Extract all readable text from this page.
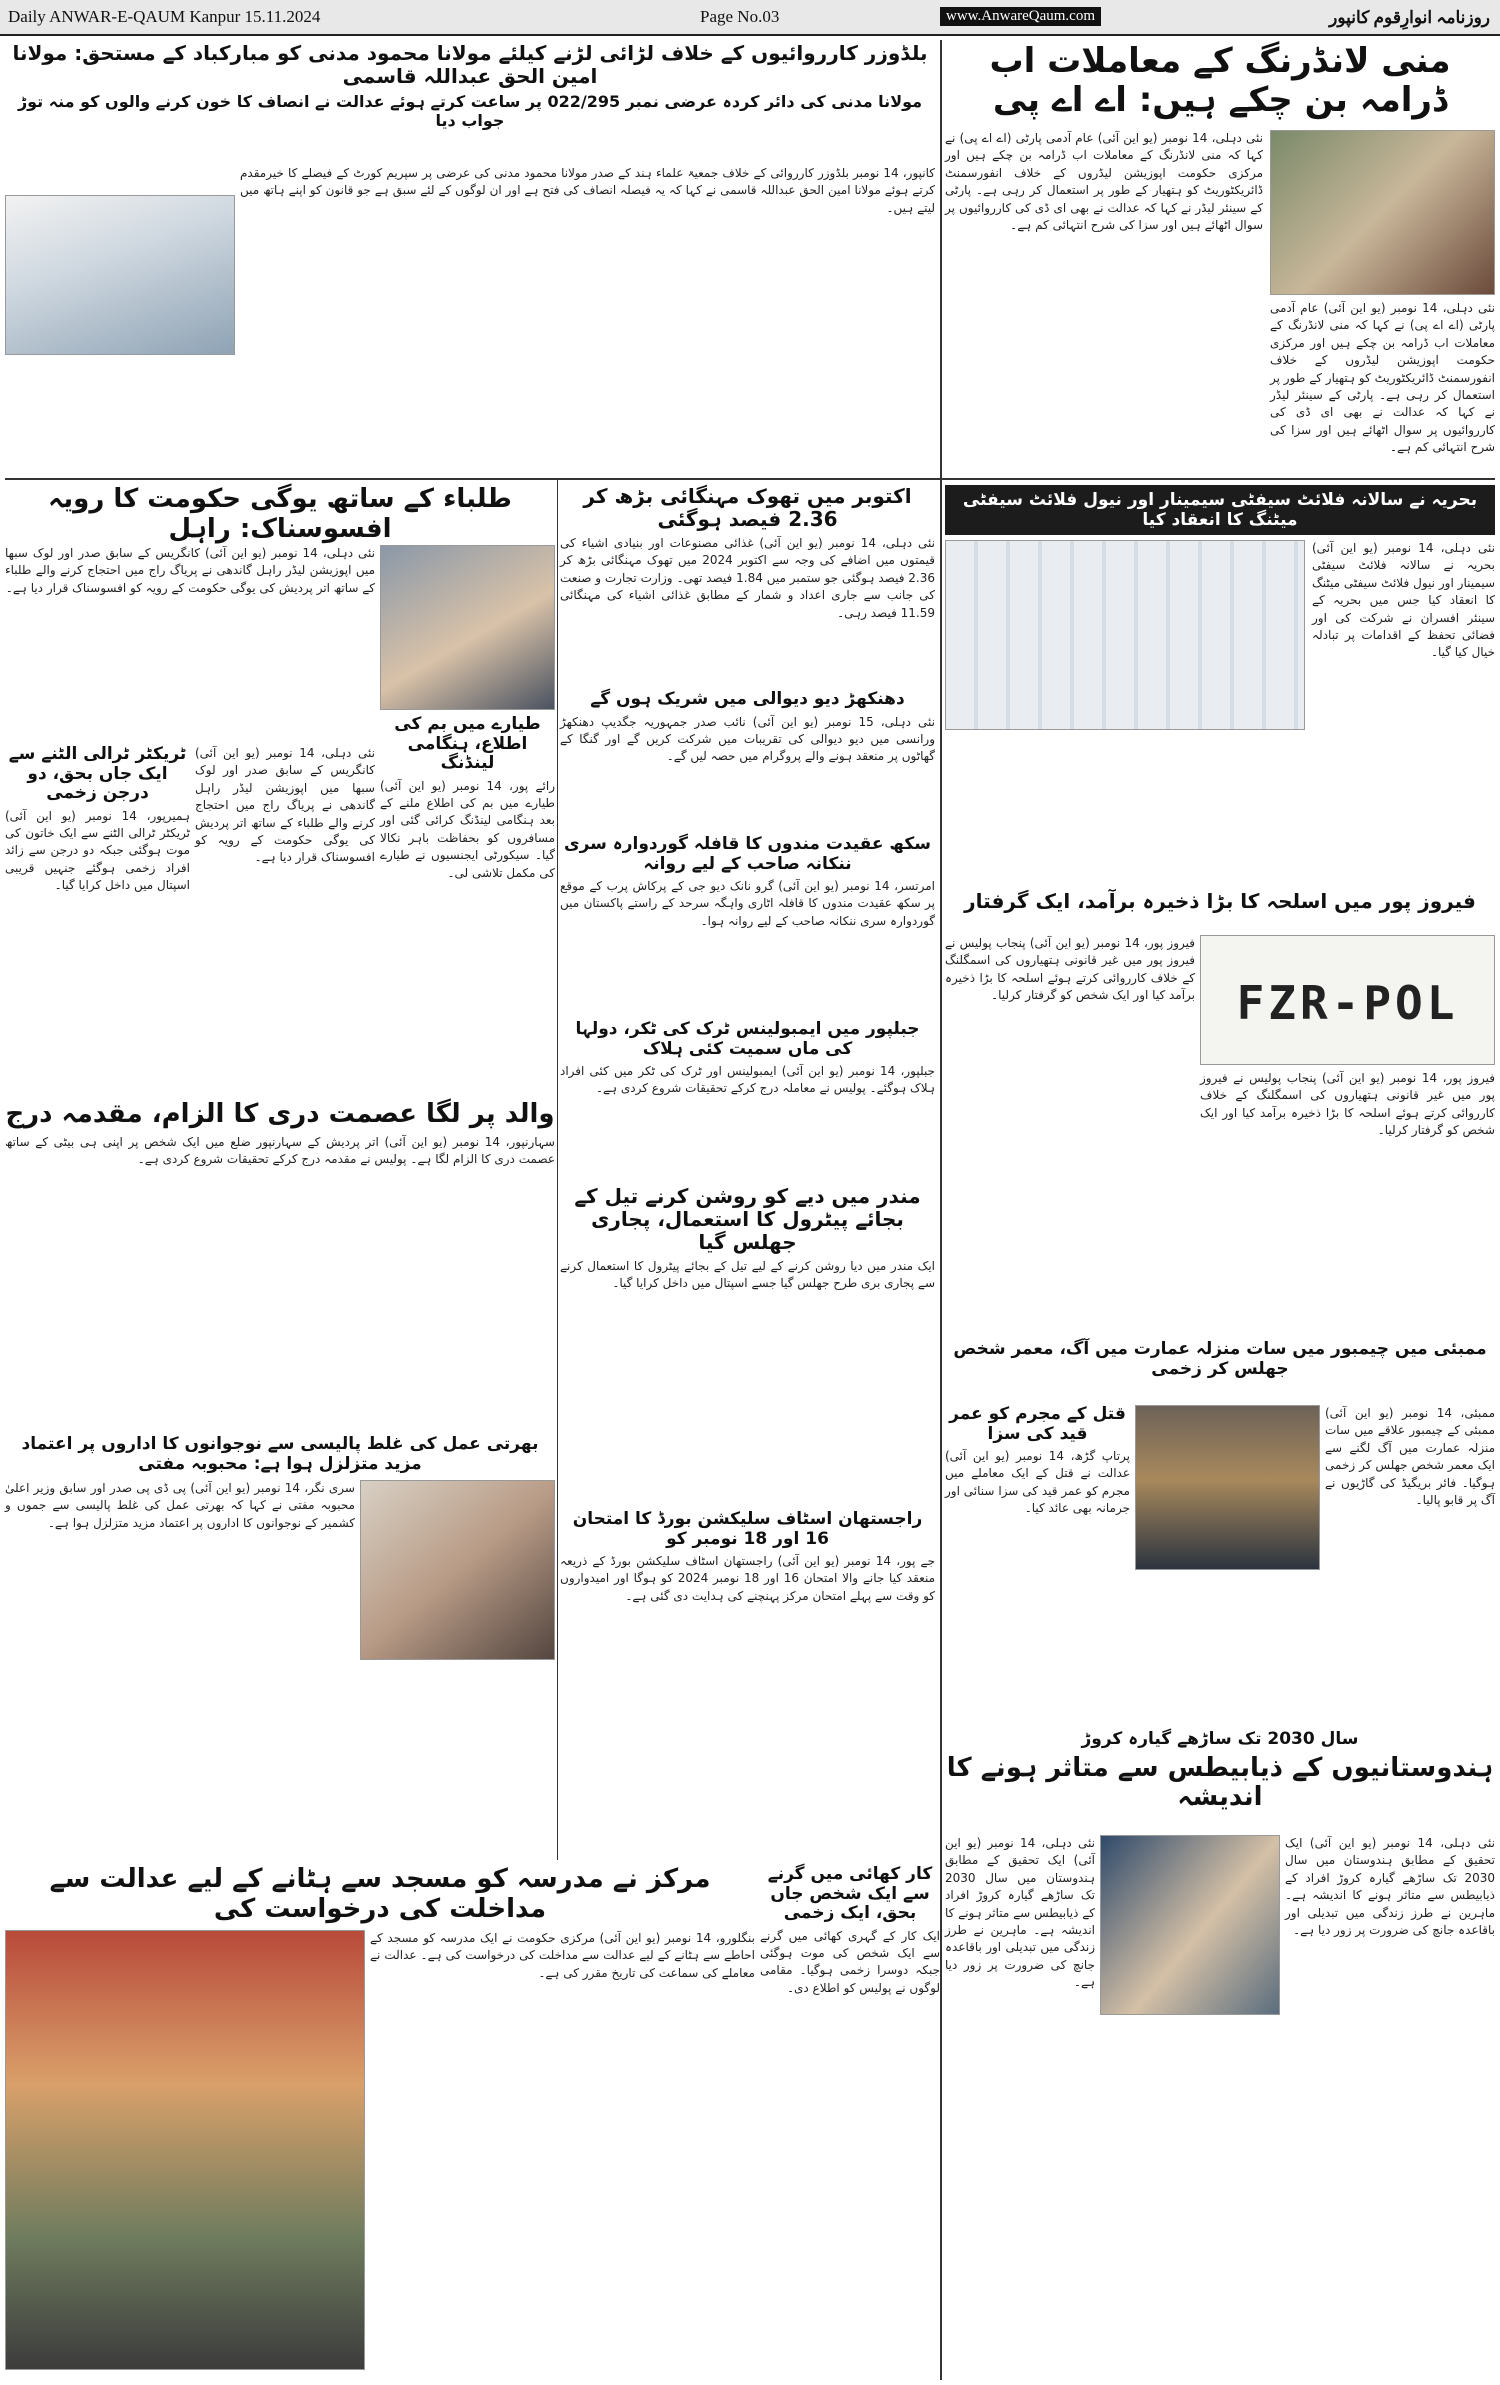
Daily ANWAR-E-QAUM Kanpur 15.11.2024	Page No.03	www.AnwareQaum.com	روزنامہ انوارِقوم کانپور
منی لانڈرنگ کے معاملات اب ڈرامہ بن چکے ہیں: اے اے پی

نئی دہلی، 14 نومبر (یو این آئی) عام آدمی پارٹی (اے اے پی) نے کہا کہ منی لانڈرنگ کے معاملات اب ڈرامہ بن چکے ہیں اور مرکزی حکومت اپوزیشن لیڈروں کے خلاف انفورسمنٹ ڈائریکٹوریٹ کو ہتھیار کے طور پر استعمال کر رہی ہے۔ پارٹی کے سینئر لیڈر نے کہا کہ عدالت نے بھی ای ڈی کی کارروائیوں پر سوال اٹھائے ہیں اور سزا کی شرح انتہائی کم ہے۔

نئی دہلی، 14 نومبر (یو این آئی) عام آدمی پارٹی (اے اے پی) نے کہا کہ منی لانڈرنگ کے معاملات اب ڈرامہ بن چکے ہیں اور مرکزی حکومت اپوزیشن لیڈروں کے خلاف انفورسمنٹ ڈائریکٹوریٹ کو ہتھیار کے طور پر استعمال کر رہی ہے۔ پارٹی کے سینئر لیڈر نے کہا کہ عدالت نے بھی ای ڈی کی کارروائیوں پر سوال اٹھائے ہیں اور سزا کی شرح انتہائی کم ہے۔

بلڈوزر کارروائیوں کے خلاف لڑائی لڑنے کیلئے مولانا محمود مدنی کو مبارکباد کے مستحق: مولانا امین الحق عبداللہ قاسمی
مولانا مدنی کی دائر کردہ عرضی نمبر 022/295 پر ساعت کرتے ہوئے عدالت نے انصاف کا خون کرنے والوں کو منہ توڑ جواب دیا

کانپور، 14 نومبر بلڈوزر کارروائی کے خلاف جمعیۃ علماء ہند کے صدر مولانا محمود مدنی کی عرضی پر سپریم کورٹ کے فیصلے کا خیرمقدم کرتے ہوئے مولانا امین الحق عبداللہ قاسمی نے کہا کہ یہ فیصلہ انصاف کی فتح ہے اور ان لوگوں کے لئے سبق ہے جو قانون کو اپنے ہاتھ میں لیتے ہیں۔

بحریہ نے سالانہ فلائٹ سیفٹی سیمینار اور نیول فلائٹ سیفٹی میٹنگ کا انعقاد کیا

نئی دہلی، 14 نومبر (یو این آئی) بحریہ نے سالانہ فلائٹ سیفٹی سیمینار اور نیول فلائٹ سیفٹی میٹنگ کا انعقاد کیا جس میں بحریہ کے سینئر افسران نے شرکت کی اور فضائی تحفظ کے اقدامات پر تبادلہ خیال کیا گیا۔

اکتوبر میں تھوک مہنگائی بڑھ کر 2.36 فیصد ہوگئی

نئی دہلی، 14 نومبر (یو این آئی) غذائی مصنوعات اور بنیادی اشیاء کی قیمتوں میں اضافے کی وجہ سے اکتوبر 2024 میں تھوک مہنگائی بڑھ کر 2.36 فیصد ہوگئی جو ستمبر میں 1.84 فیصد تھی۔ وزارت تجارت و صنعت کی جانب سے جاری اعداد و شمار کے مطابق غذائی اشیاء کی مہنگائی 11.59 فیصد رہی۔

طلباء کے ساتھ یوگی حکومت کا رویہ افسوسناک: راہل

نئی دہلی، 14 نومبر (یو این آئی) کانگریس کے سابق صدر اور لوک سبھا میں اپوزیشن لیڈر راہل گاندھی نے پریاگ راج میں احتجاج کرنے والے طلباء کے ساتھ اتر پردیش کی یوگی حکومت کے رویہ کو افسوسناک قرار دیا ہے۔

دھنکھڑ دیو دیوالی میں شریک ہوں گے

نئی دہلی، 15 نومبر (یو این آئی) نائب صدر جمہوریہ جگدیپ دھنکھڑ ورانسی میں دیو دیوالی کی تقریبات میں شرکت کریں گے اور گنگا کے گھاٹوں پر منعقد ہونے والے پروگرام میں حصہ لیں گے۔

ٹریکٹر ٹرالی الٹنے سے ایک جاں بحق، دو درجن زخمی

ہمیرپور، 14 نومبر (یو این آئی) ٹریکٹر ٹرالی الٹنے سے ایک خاتون کی موت ہوگئی جبکہ دو درجن سے زائد افراد زخمی ہوگئے جنہیں قریبی اسپتال میں داخل کرایا گیا۔

طیارے میں بم کی اطلاع، ہنگامی لینڈنگ

رائے پور، 14 نومبر (یو این آئی) طیارے میں بم کی اطلاع ملنے کے بعد ہنگامی لینڈنگ کرائی گئی اور مسافروں کو بحفاظت باہر نکالا گیا۔ سیکورٹی ایجنسیوں نے طیارے کی مکمل تلاشی لی۔

نئی دہلی، 14 نومبر (یو این آئی) کانگریس کے سابق صدر اور لوک سبھا میں اپوزیشن لیڈر راہل گاندھی نے پریاگ راج میں احتجاج کرنے والے طلباء کے ساتھ اتر پردیش کی یوگی حکومت کے رویہ کو افسوسناک قرار دیا ہے۔

سکھ عقیدت مندوں کا قافلہ گوردوارہ سری ننکانہ صاحب کے لیے روانہ

امرتسر، 14 نومبر (یو این آئی) گرو نانک دیو جی کے پرکاش پرب کے موقع پر سکھ عقیدت مندوں کا قافلہ اٹاری واہگہ سرحد کے راستے پاکستان میں گوردوارہ سری ننکانہ صاحب کے لیے روانہ ہوا۔

فیروز پور میں اسلحہ کا بڑا ذخیرہ برآمد، ایک گرفتار
FZR-POL

فیروز پور، 14 نومبر (یو این آئی) پنجاب پولیس نے فیروز پور میں غیر قانونی ہتھیاروں کی اسمگلنگ کے خلاف کارروائی کرتے ہوئے اسلحہ کا بڑا ذخیرہ برآمد کیا اور ایک شخص کو گرفتار کرلیا۔

فیروز پور، 14 نومبر (یو این آئی) پنجاب پولیس نے فیروز پور میں غیر قانونی ہتھیاروں کی اسمگلنگ کے خلاف کارروائی کرتے ہوئے اسلحہ کا بڑا ذخیرہ برآمد کیا اور ایک شخص کو گرفتار کرلیا۔

جبلپور میں ایمبولینس ٹرک کی ٹکر، دولہا کی ماں سمیت کئی ہلاک

جبلپور، 14 نومبر (یو این آئی) ایمبولینس اور ٹرک کی ٹکر میں کئی افراد ہلاک ہوگئے۔ پولیس نے معاملہ درج کرکے تحقیقات شروع کردی ہے۔

والد پر لگا عصمت دری کا الزام، مقدمہ درج

سہارنپور، 14 نومبر (یو این آئی) اتر پردیش کے سہارنپور ضلع میں ایک شخص پر اپنی ہی بیٹی کے ساتھ عصمت دری کا الزام لگا ہے۔ پولیس نے مقدمہ درج کرکے تحقیقات شروع کردی ہے۔

مندر میں دیے کو روشن کرنے تیل کے بجائے پیٹرول کا استعمال، پجاری جھلس گیا

ایک مندر میں دیا روشن کرنے کے لیے تیل کے بجائے پیٹرول کا استعمال کرنے سے پجاری بری طرح جھلس گیا جسے اسپتال میں داخل کرایا گیا۔

ممبئی میں چیمبور میں سات منزلہ عمارت میں آگ، معمر شخص جھلس کر زخمی

ممبئی، 14 نومبر (یو این آئی) ممبئی کے چیمبور علاقے میں سات منزلہ عمارت میں آگ لگنے سے ایک معمر شخص جھلس کر زخمی ہوگیا۔ فائر بریگیڈ کی گاڑیوں نے آگ پر قابو پالیا۔

قتل کے مجرم کو عمر قید کی سزا

پرتاپ گڑھ، 14 نومبر (یو این آئی) عدالت نے قتل کے ایک معاملے میں مجرم کو عمر قید کی سزا سنائی اور جرمانہ بھی عائد کیا۔

بھرتی عمل کی غلط پالیسی سے نوجوانوں کا اداروں پر اعتماد مزید متزلزل ہوا ہے: محبوبہ مفتی

سری نگر، 14 نومبر (یو این آئی) پی ڈی پی صدر اور سابق وزیر اعلیٰ محبوبہ مفتی نے کہا کہ بھرتی عمل کی غلط پالیسی سے جموں و کشمیر کے نوجوانوں کا اداروں پر اعتماد مزید متزلزل ہوا ہے۔	راجستھان اسٹاف سلیکشن بورڈ کا امتحان 16 اور 18 نومبر کو

جے پور، 14 نومبر (یو این آئی) راجستھان اسٹاف سلیکشن بورڈ کے ذریعہ منعقد کیا جانے والا امتحان 16 اور 18 نومبر 2024 کو ہوگا اور امیدواروں کو وقت سے پہلے امتحان مرکز پہنچنے کی ہدایت دی گئی ہے۔

سال 2030 تک ساڑھے گیارہ کروڑ
ہندوستانیوں کے ذیابیطس سے متاثر ہونے کا اندیشہ

نئی دہلی، 14 نومبر (یو این آئی) ایک تحقیق کے مطابق ہندوستان میں سال 2030 تک ساڑھے گیارہ کروڑ افراد کے ذیابیطس سے متاثر ہونے کا اندیشہ ہے۔ ماہرین نے طرز زندگی میں تبدیلی اور باقاعدہ جانچ کی ضرورت پر زور دیا ہے۔

نئی دہلی، 14 نومبر (یو این آئی) ایک تحقیق کے مطابق ہندوستان میں سال 2030 تک ساڑھے گیارہ کروڑ افراد کے ذیابیطس سے متاثر ہونے کا اندیشہ ہے۔ ماہرین نے طرز زندگی میں تبدیلی اور باقاعدہ جانچ کی ضرورت پر زور دیا ہے۔

مرکز نے مدرسہ کو مسجد سے ہٹانے کے لیے عدالت سے مداخلت کی درخواست کی

بنگلورو، 14 نومبر (یو این آئی) مرکزی حکومت نے ایک مدرسہ کو مسجد کے احاطے سے ہٹانے کے لیے عدالت سے مداخلت کی درخواست کی ہے۔ عدالت نے معاملے کی سماعت کی تاریخ مقرر کی ہے۔

کار کھائی میں گرنے سے ایک شخص جاں بحق، ایک زخمی

ایک کار کے گہری کھائی میں گرنے سے ایک شخص کی موت ہوگئی جبکہ دوسرا زخمی ہوگیا۔ مقامی لوگوں نے پولیس کو اطلاع دی۔
